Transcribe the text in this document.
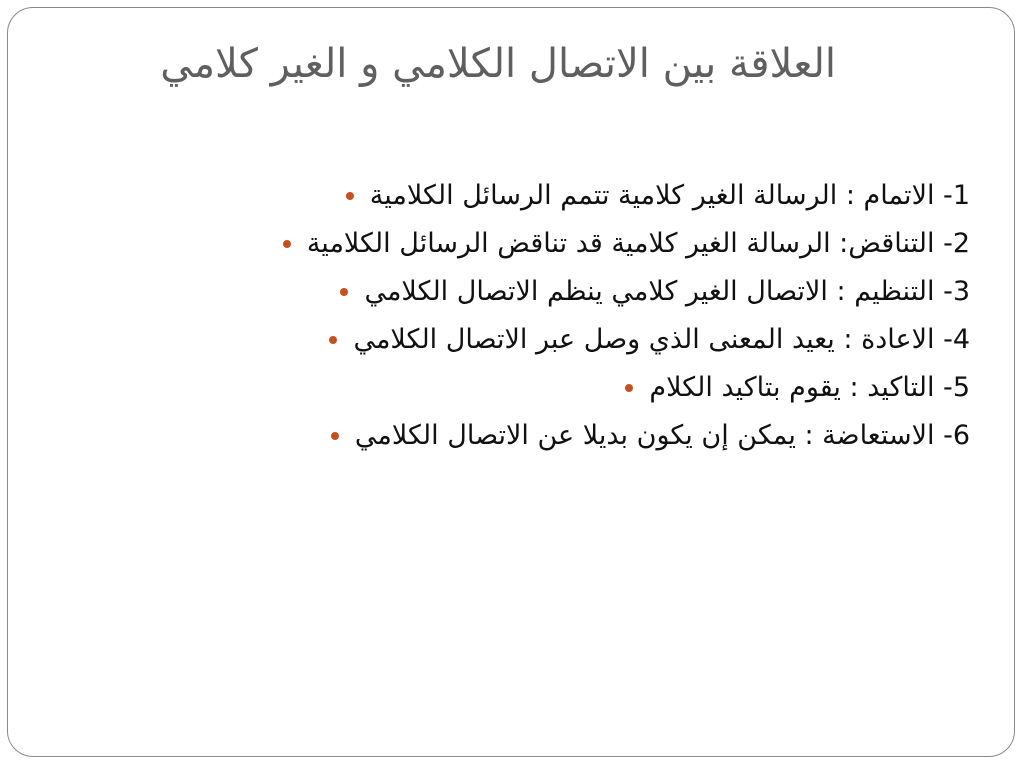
العلاقة بين الاتصال الكلامي و الغير كلامي
1- الاتمام : الرسالة الغير كلامية تتمم الرسائل الكلامية
2- التناقض: الرسالة الغير كلامية قد تناقض الرسائل الكلامية
3- التنظيم : الاتصال الغير كلامي ينظم الاتصال الكلامي
4- الاعادة : يعيد المعنى الذي وصل عبر الاتصال الكلامي
5- التاكيد : يقوم بتاكيد الكلام
6- الاستعاضة : يمكن إن يكون بديلا عن الاتصال الكلامي
